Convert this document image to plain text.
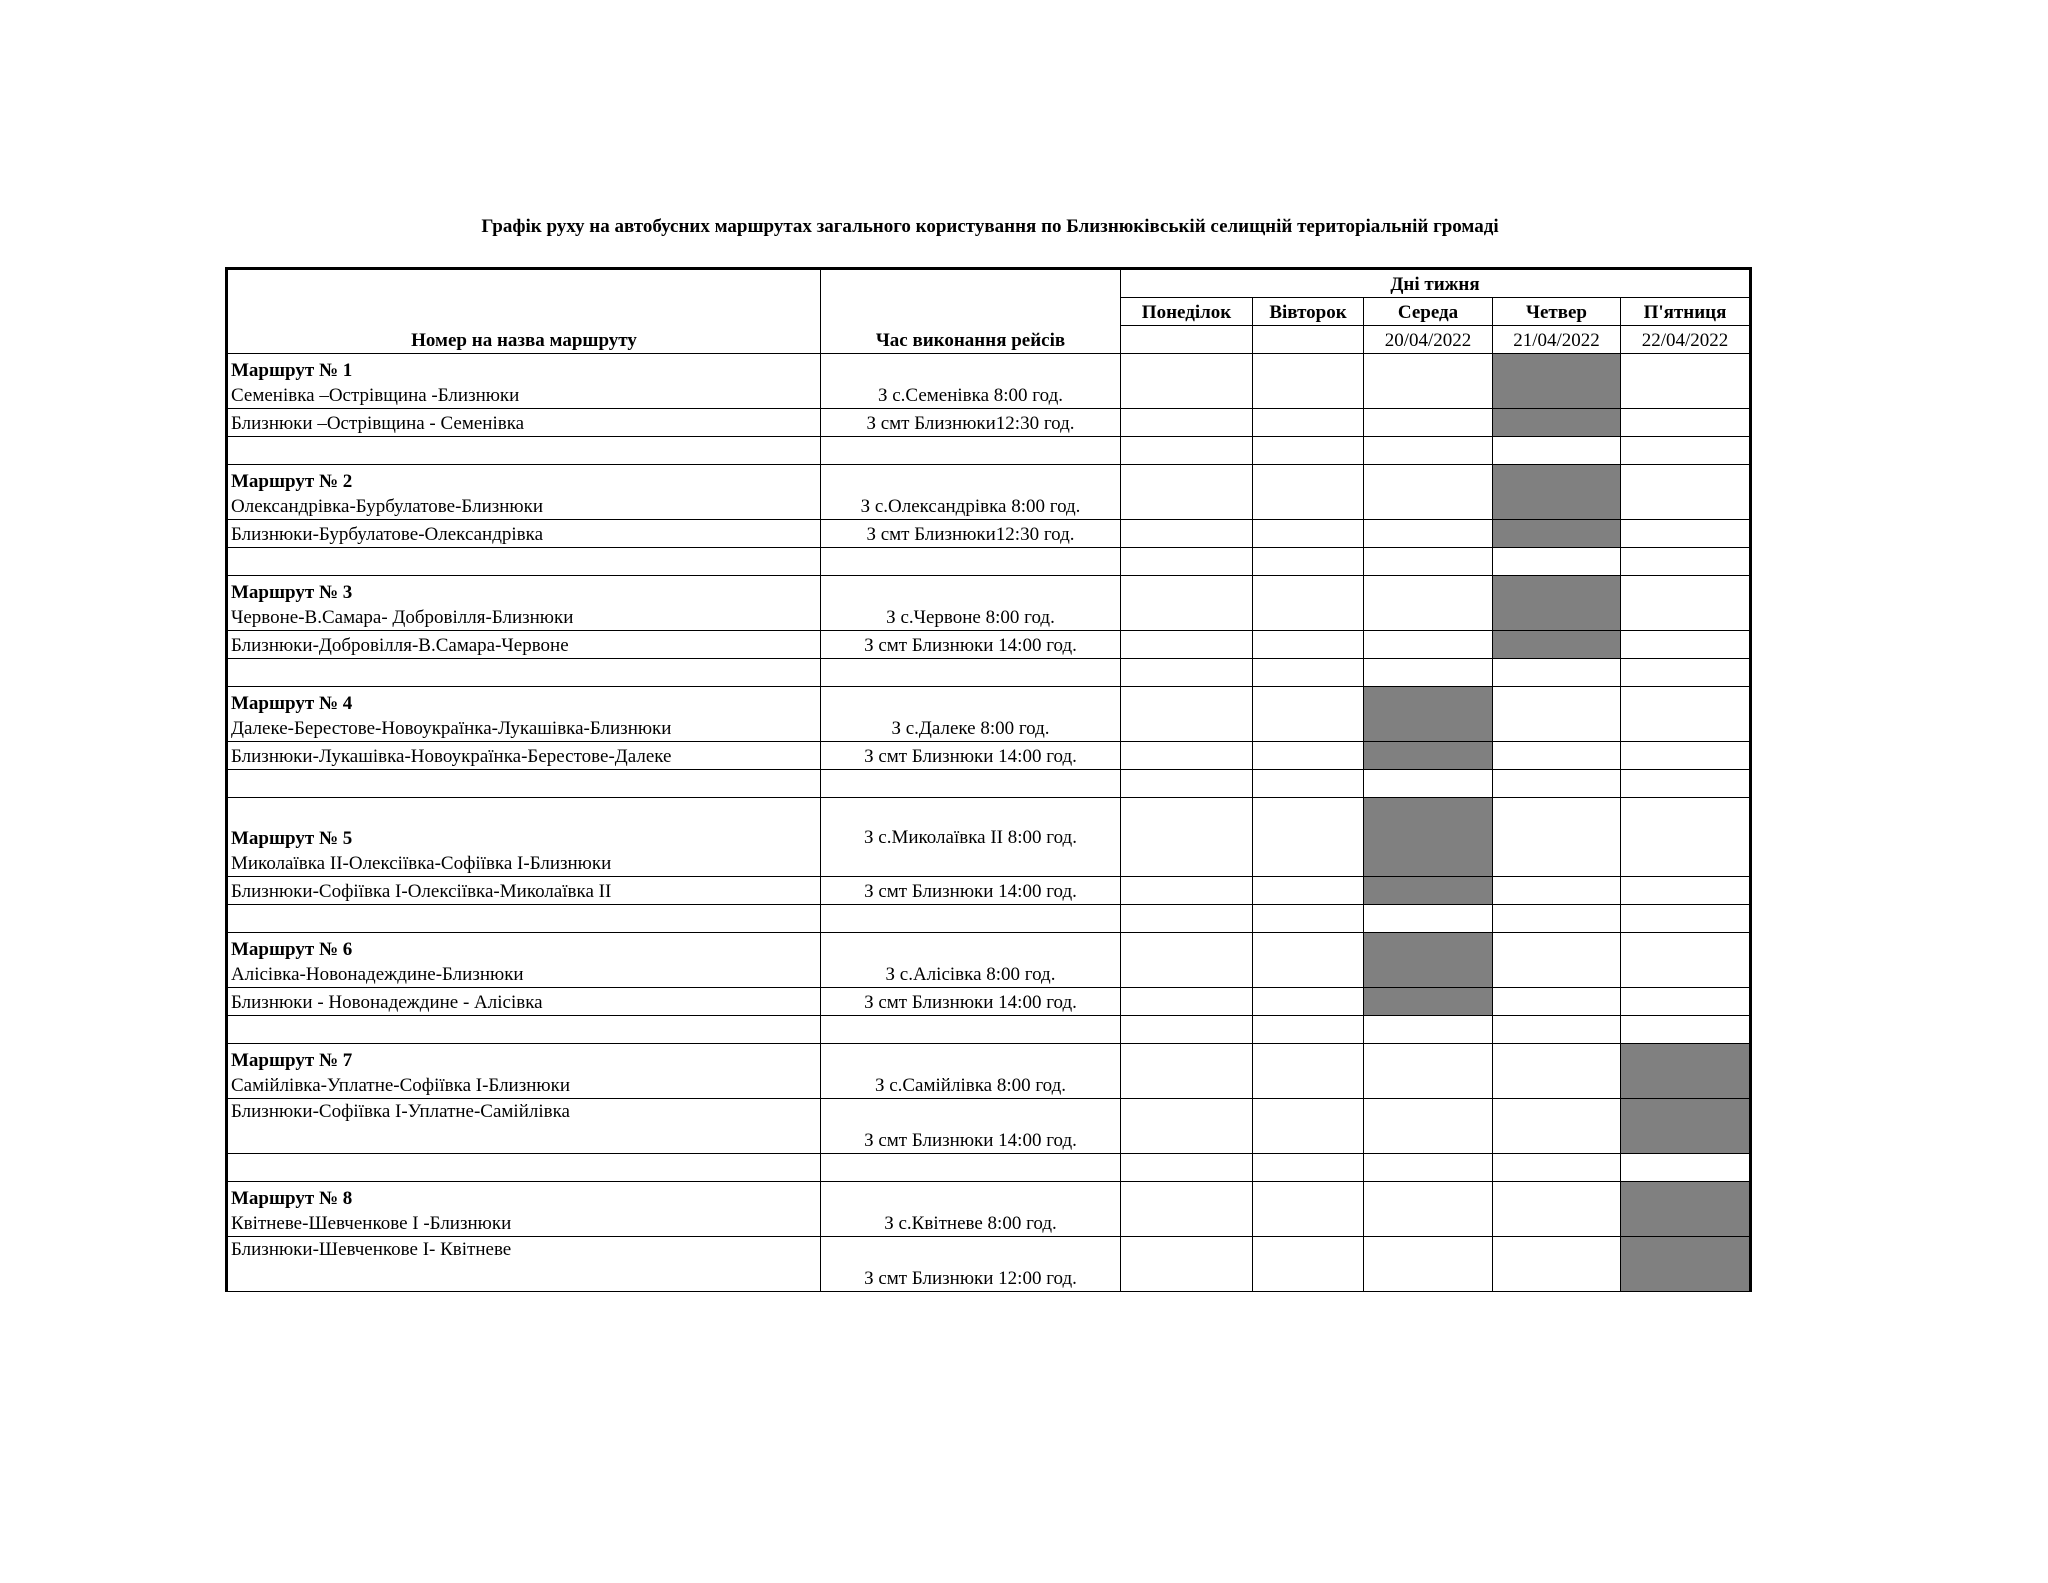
Графік руху на автобусних маршрутах загального користування по Близнюківській селищній територіальній громаді
Номер на назва маршруту	Час виконання рейсів	Дні тижня				
		Понеділок	Вівторок	Середа	Четвер	П'ятниця
				20/04/2022	21/04/2022	22/04/2022

Маршрут № 1
Семенівка –Острівщина -Близнюки	З с.Семенівка 8:00 год.					
Близнюки –Острівщина - Семенівка	З смт Близнюки12:30 год.					

Маршрут № 2
Олександрівка-Бурбулатове-Близнюки	З с.Олександрівка 8:00 год.					
Близнюки-Бурбулатове-Олександрівка	З смт Близнюки12:30 год.					

Маршрут № 3
Червоне-В.Самара- Добровілля-Близнюки	З с.Червоне 8:00 год.					
Близнюки-Добровілля-В.Самара-Червоне	З смт Близнюки 14:00 год.					

Маршрут № 4
Далеке-Берестове-Новоукраїнка-Лукашівка-Близнюки	З с.Далеке 8:00 год.					
Близнюки-Лукашівка-Новоукраїнка-Берестове-Далеке	З смт Близнюки 14:00 год.					

Маршрут № 5
Миколаївка ІІ-Олексіївка-Софіївка І-Близнюки	З с.Миколаївка ІІ 8:00 год.					
Близнюки-Софіївка І-Олексіївка-Миколаївка ІІ	З смт Близнюки 14:00 год.					

Маршрут № 6
Алісівка-Новонадеждине-Близнюки	З с.Алісівка 8:00 год.					
Близнюки - Новонадеждине - Алісівка	З смт Близнюки 14:00 год.					

Маршрут № 7
Самійлівка-Уплатне-Софіївка І-Близнюки	З с.Самійлівка 8:00 год.					
Близнюки-Софіївка І-Уплатне-Самійлівка	З смт Близнюки 14:00 год.					

Маршрут № 8
Квітневе-Шевченкове І -Близнюки	З с.Квітневе 8:00 год.					
Близнюки-Шевченкове І- Квітневе	З смт Близнюки 12:00 год.					
